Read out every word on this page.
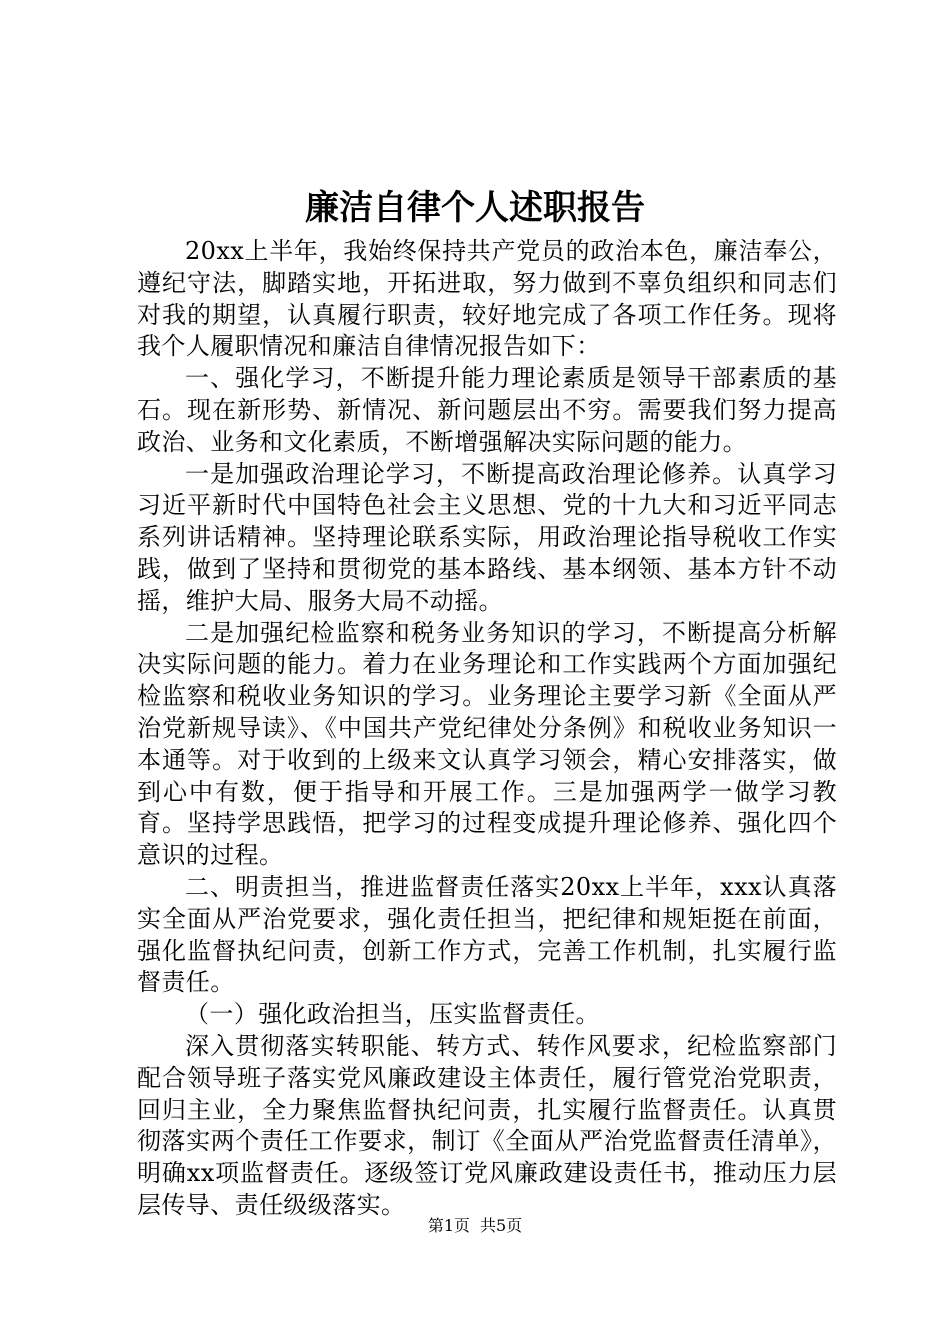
廉洁自律个人述职报告

20xx上半年，我始终保持共产党员的政治本色，廉洁奉公，遵纪守法，脚踏实地，开拓进取，努力做到不辜负组织和同志们对我的期望，认真履行职责，较好地完成了各项工作任务。现将我个人履职情况和廉洁自律情况报告如下：

一、强化学习，不断提升能力理论素质是领导干部素质的基石。现在新形势、新情况、新问题层出不穷。需要我们努力提高政治、业务和文化素质，不断增强解决实际问题的能力。

一是加强政治理论学习，不断提高政治理论修养。认真学习习近平新时代中国特色社会主义思想、党的十九大和习近平同志系列讲话精神。坚持理论联系实际，用政治理论指导税收工作实践，做到了坚持和贯彻党的基本路线、基本纲领、基本方针不动摇，维护大局、服务大局不动摇。

二是加强纪检监察和税务业务知识的学习，不断提高分析解决实际问题的能力。着力在业务理论和工作实践两个方面加强纪检监察和税收业务知识的学习。业务理论主要学习新《全面从严治党新规导读》、《中国共产党纪律处分条例》和税收业务知识一本通等。对于收到的上级来文认真学习领会，精心安排落实，做到心中有数，便于指导和开展工作。三是加强两学一做学习教育。坚持学思践悟，把学习的过程变成提升理论修养、强化四个意识的过程。

二、明责担当，推进监督责任落实20xx上半年，xxx认真落实全面从严治党要求，强化责任担当，把纪律和规矩挺在前面，强化监督执纪问责，创新工作方式，完善工作机制，扎实履行监督责任。

（一）强化政治担当，压实监督责任。

深入贯彻落实转职能、转方式、转作风要求，纪检监察部门配合领导班子落实党风廉政建设主体责任，履行管党治党职责，回归主业，全力聚焦监督执纪问责，扎实履行监督责任。认真贯彻落实两个责任工作要求，制订《全面从严治党监督责任清单》，明确xx项监督责任。逐级签订党风廉政建设责任书，推动压力层层传导、责任级级落实。

第1页 共5页
